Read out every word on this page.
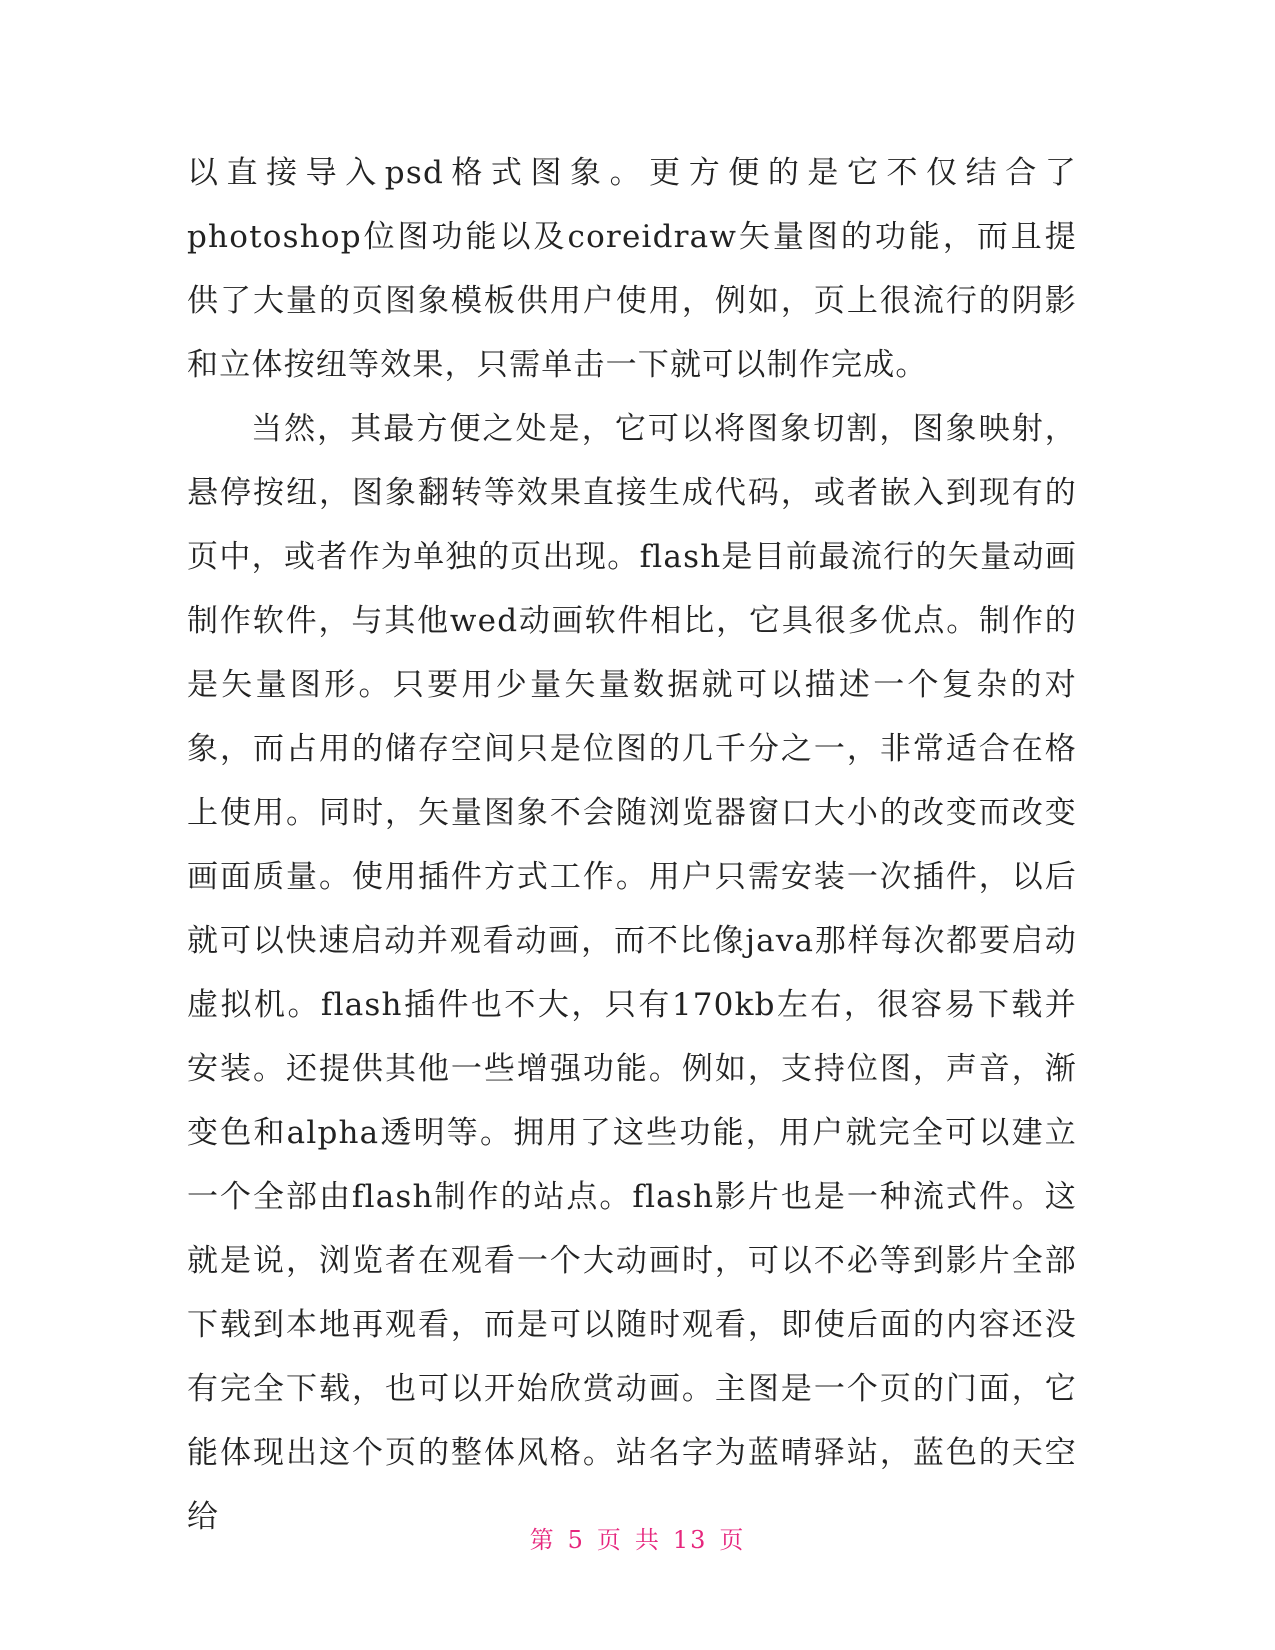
以直接导入psd格式图象。更方便的是它不仅结合了photoshop位图功能以及coreidraw矢量图的功能，而且提供了大量的页图象模板供用户使用，例如，页上很流行的阴影和立体按纽等效果，只需单击一下就可以制作完成。

当然，其最方便之处是，它可以将图象切割，图象映射，悬停按纽，图象翻转等效果直接生成代码，或者嵌入到现有的页中，或者作为单独的页出现。flash是目前最流行的矢量动画制作软件，与其他wed动画软件相比，它具很多优点。制作的是矢量图形。只要用少量矢量数据就可以描述一个复杂的对象，而占用的储存空间只是位图的几千分之一，非常适合在格上使用。同时，矢量图象不会随浏览器窗口大小的改变而改变画面质量。使用插件方式工作。用户只需安装一次插件，以后就可以快速启动并观看动画，而不比像java那样每次都要启动虚拟机。flash插件也不大，只有170kb左右，很容易下载并安装。还提供其他一些增强功能。例如，支持位图，声音，渐变色和alpha透明等。拥用了这些功能，用户就完全可以建立一个全部由flash制作的站点。flash影片也是一种流式件。这就是说，浏览者在观看一个大动画时，可以不必等到影片全部下载到本地再观看，而是可以随时观看，即使后面的内容还没有完全下载，也可以开始欣赏动画。主图是一个页的门面，它能体现出这个页的整体风格。站名字为蓝晴驿站，蓝色的天空给

第 5 页 共 13 页
